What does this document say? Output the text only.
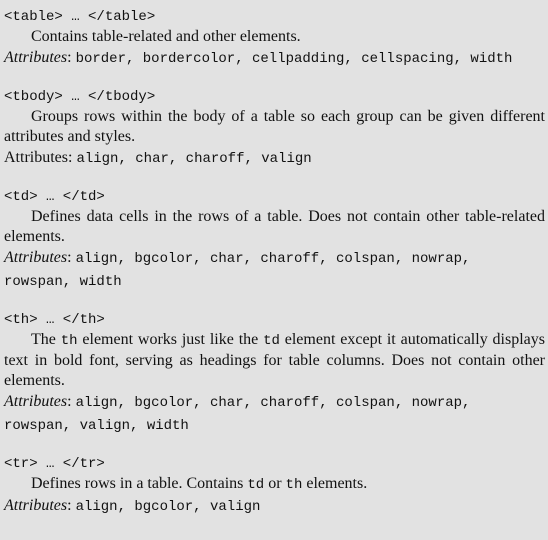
<table> … </table>
Contains table-related and other elements.
Attributes: border, bordercolor, cellpadding, cellspacing, width
<tbody> … </tbody>
Groups rows within the body of a table so each group can be given different attributes and styles.
Attributes: align, char, charoff, valign
<td> … </td>
Defines data cells in the rows of a table. Does not contain other table-related elements.
Attributes: align, bgcolor, char, charoff, colspan, nowrap, rowspan, width
<th> … </th>
The th element works just like the td element except it automatically displays text in bold font, serving as headings for table columns. Does not contain other elements.
Attributes: align, bgcolor, char, charoff, colspan, nowrap, rowspan, valign, width
<tr> … </tr>
Defines rows in a table. Contains td or th elements.
Attributes: align, bgcolor, valign
